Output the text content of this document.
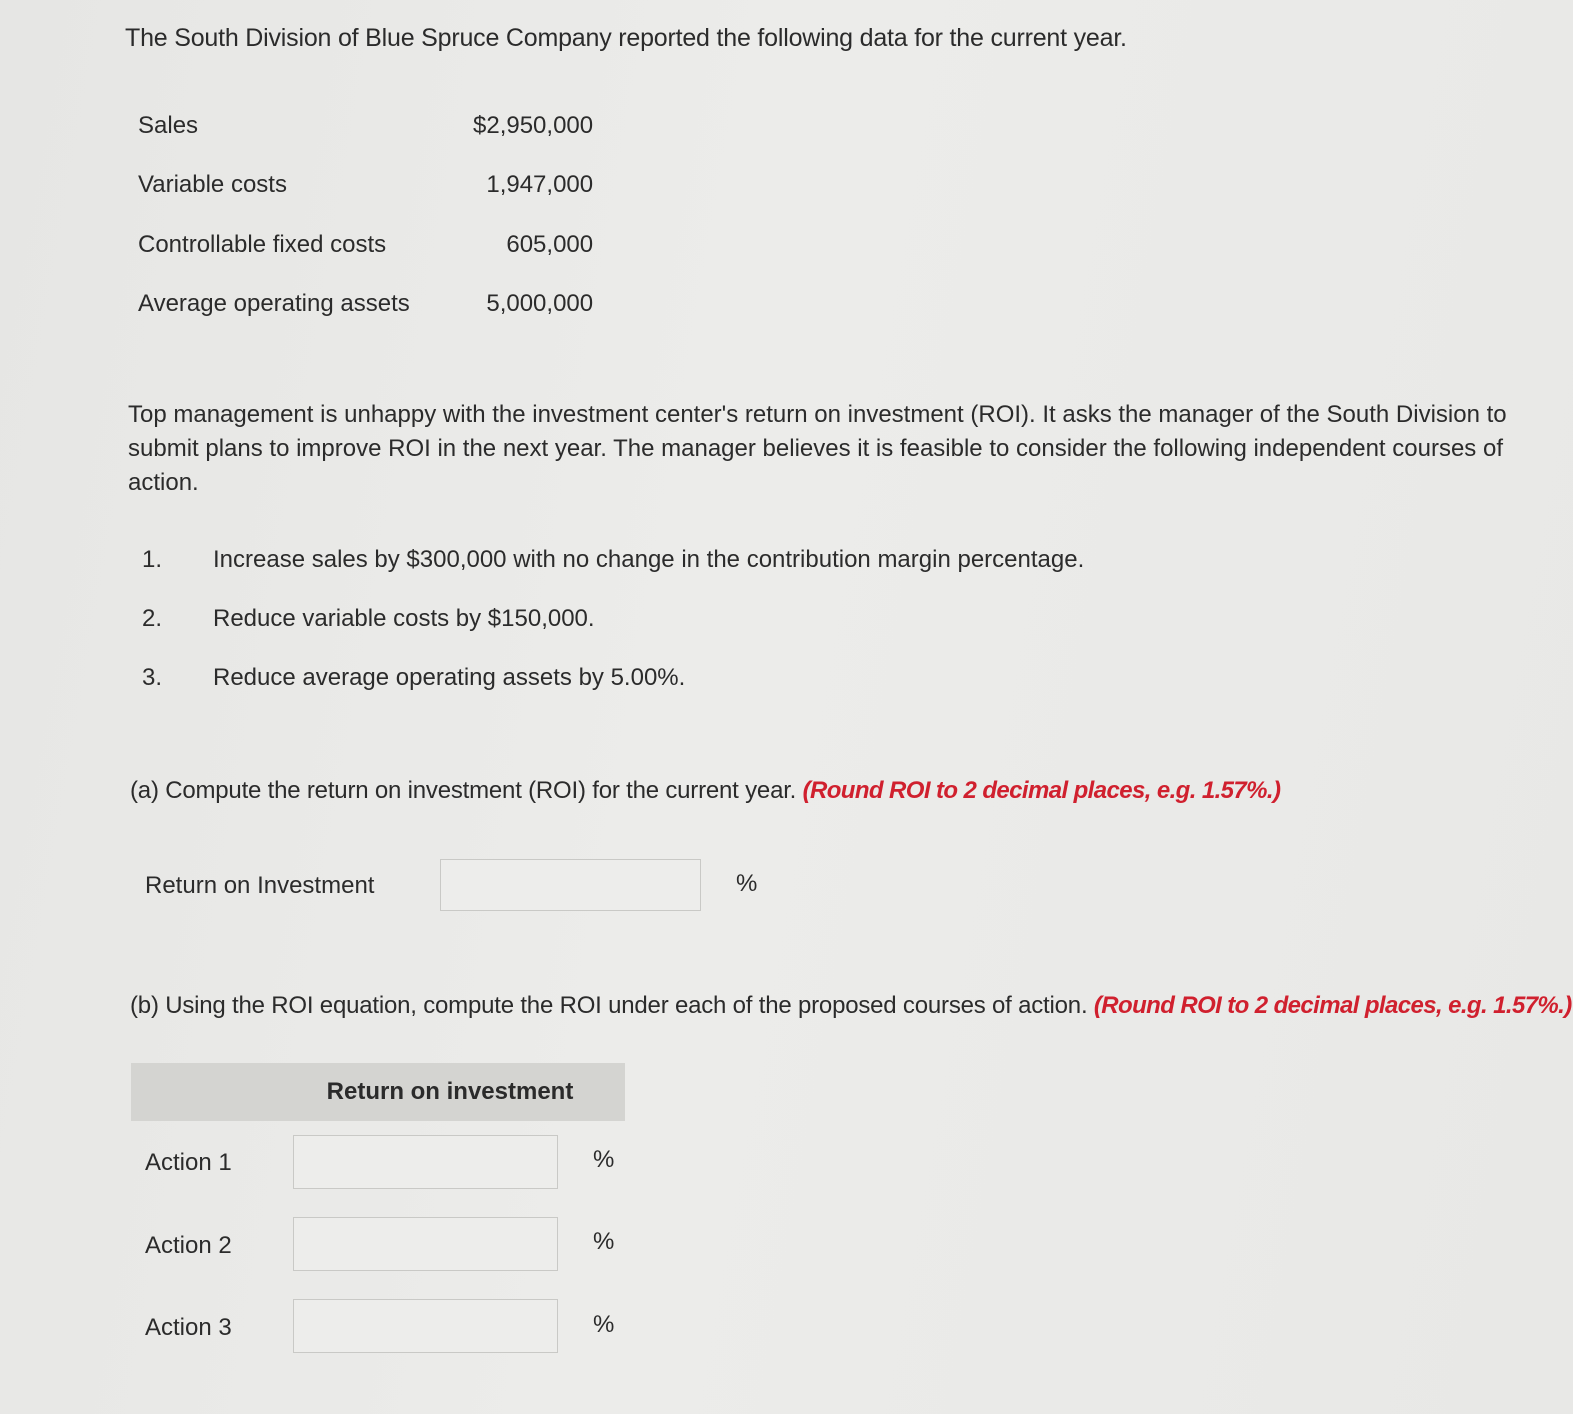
The South Division of Blue Spruce Company reported the following data for the current year.
Sales	$2,950,000
Variable costs	1,947,000
Controllable fixed costs	605,000
Average operating assets	5,000,000
Top management is unhappy with the investment center's return on investment (ROI). It asks the manager of the South Division to submit plans to improve ROI in the next year. The manager believes it is feasible to consider the following independent courses of action.
1.	Increase sales by $300,000 with no change in the contribution margin percentage.
2.	Reduce variable costs by $150,000.
3.	Reduce average operating assets by 5.00%.
(a) Compute the return on investment (ROI) for the current year. (Round ROI to 2 decimal places, e.g. 1.57%.)
Return on Investment	%
(b) Using the ROI equation, compute the ROI under each of the proposed courses of action. (Round ROI to 2 decimal places, e.g. 1.57%.)
Return on investment
Action 1	%
Action 2	%
Action 3	%
